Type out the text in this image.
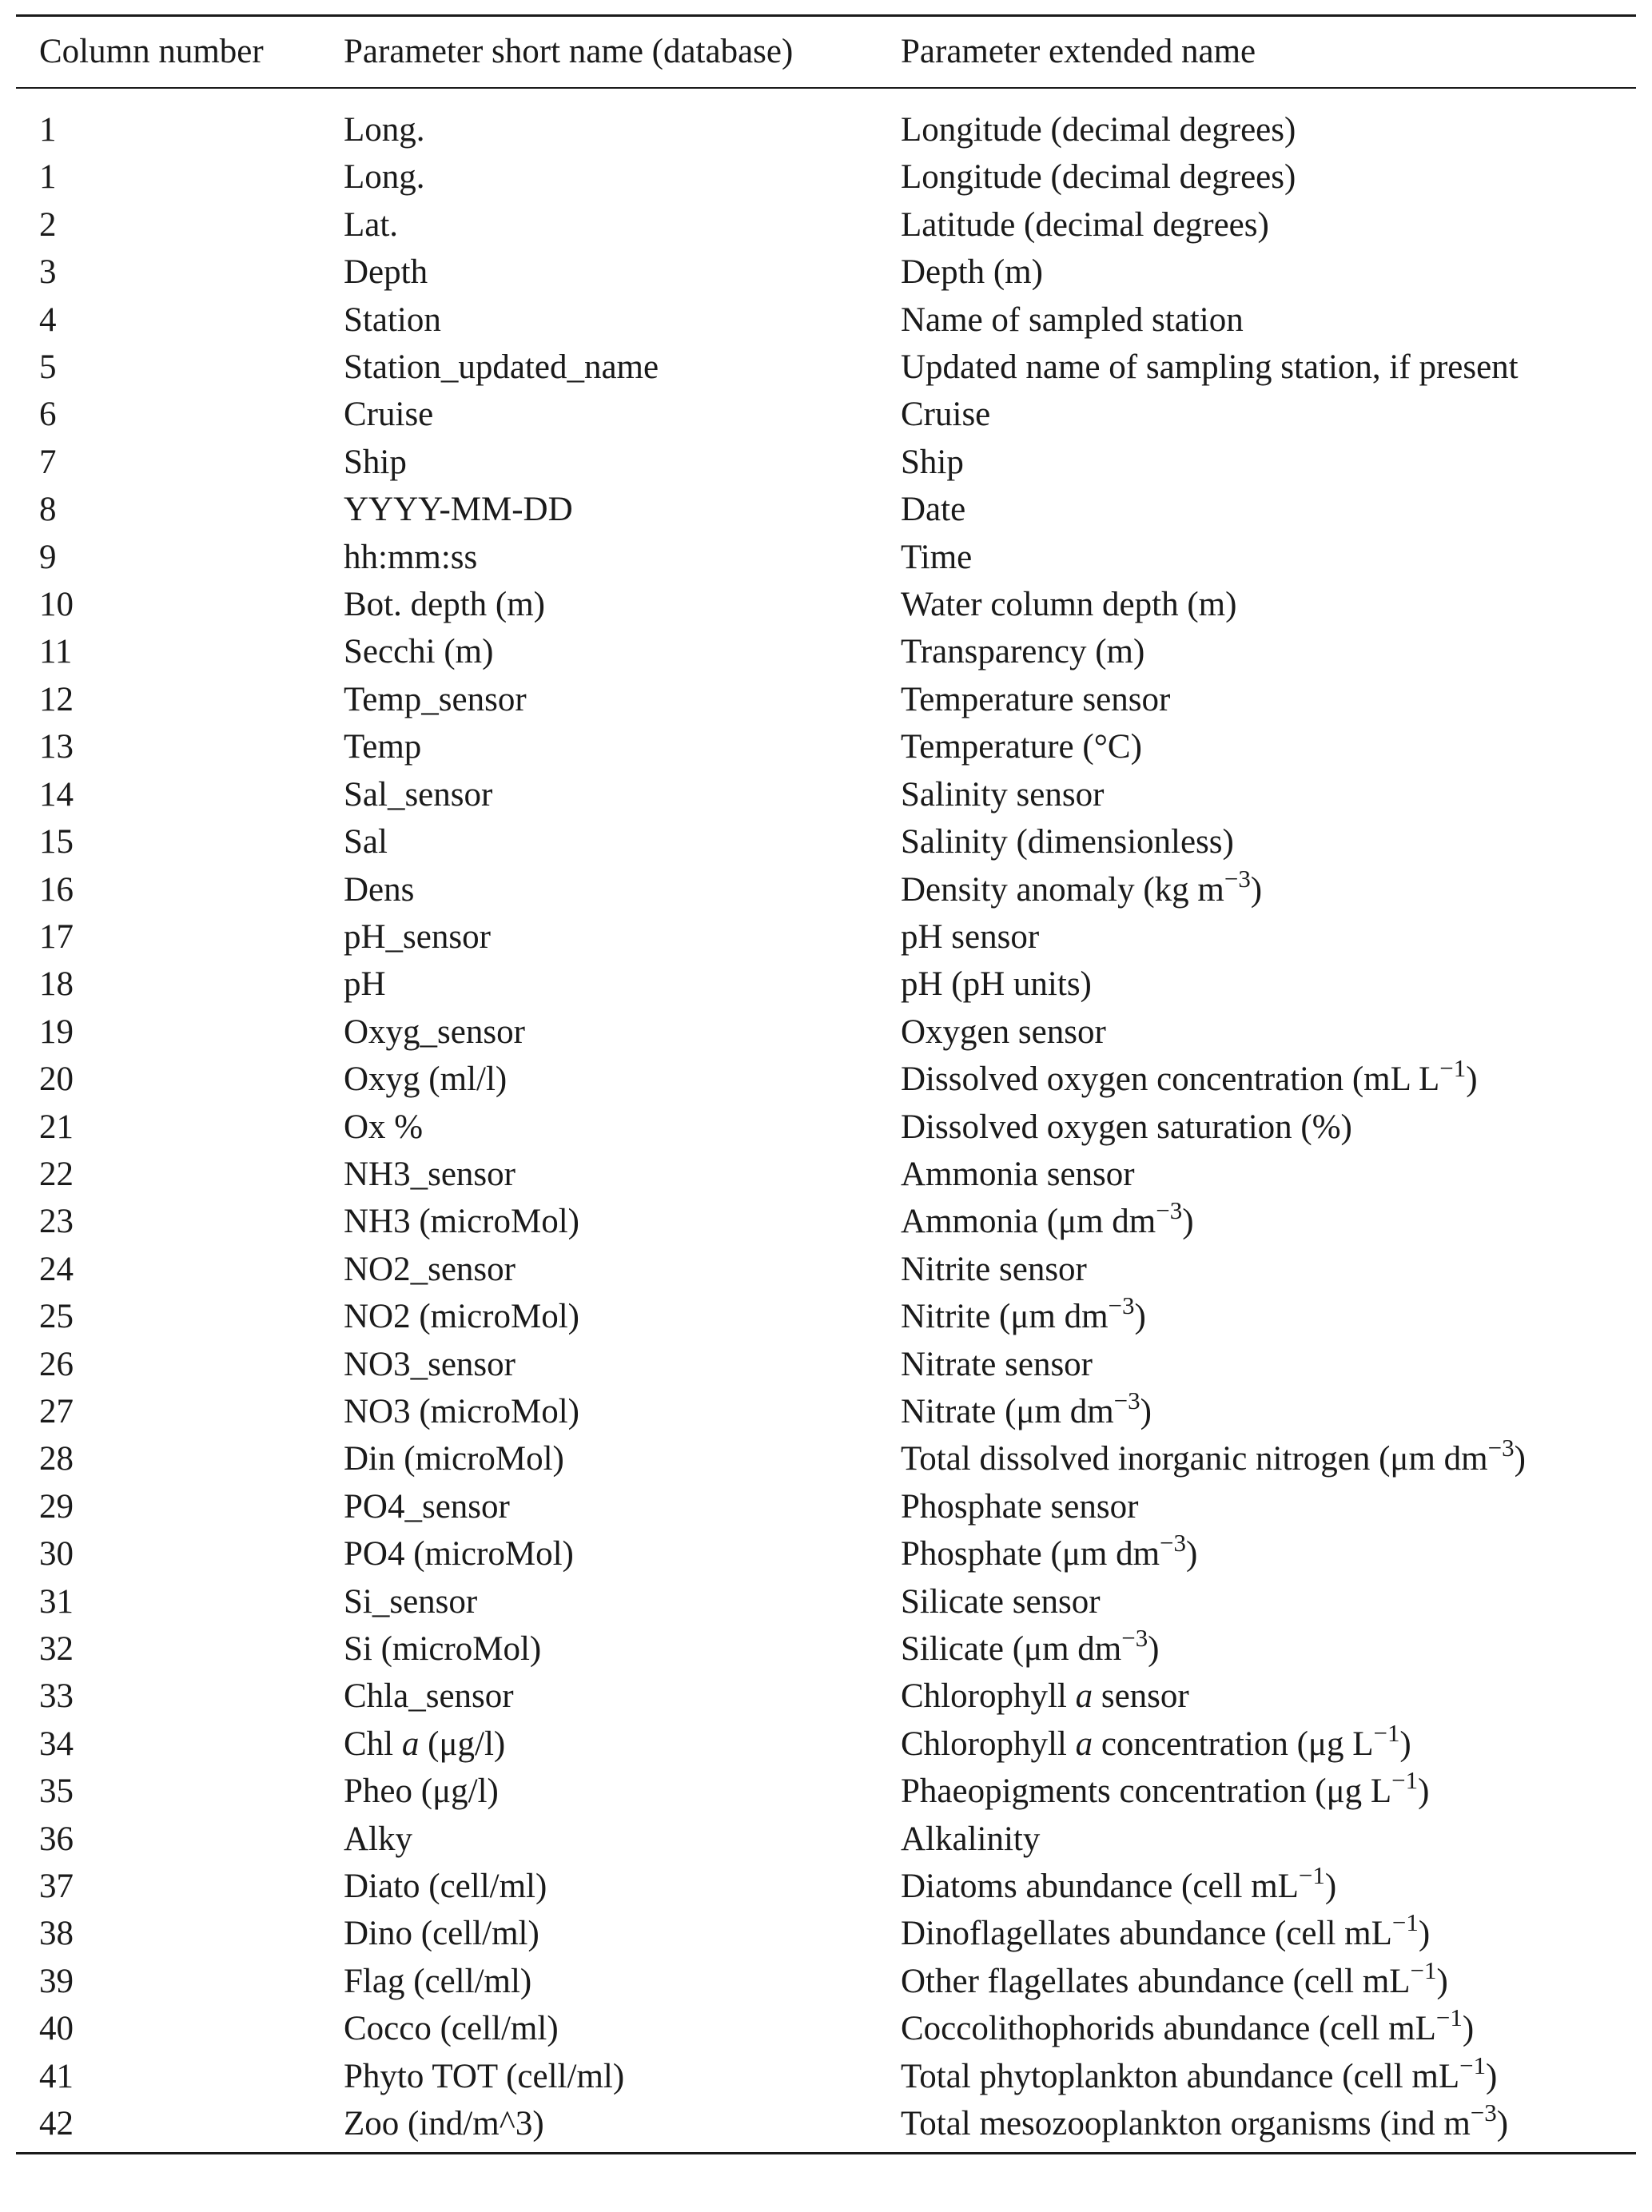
Column number	Parameter short name (database)	Parameter extended name

1	Long.	Longitude (decimal degrees)
1	Long.	Longitude (decimal degrees)
2	Lat.	Latitude (decimal degrees)
3	Depth	Depth (m)
4	Station	Name of sampled station
5	Station_updated_name	Updated name of sampling station, if present
6	Cruise	Cruise
7	Ship	Ship
8	YYYY-MM-DD	Date
9	hh:mm:ss	Time
10	Bot. depth (m)	Water column depth (m)
11	Secchi (m)	Transparency (m)
12	Temp_sensor	Temperature sensor
13	Temp	Temperature (°C)
14	Sal_sensor	Salinity sensor
15	Sal	Salinity (dimensionless)
16	Dens	Density anomaly (kg $m^{-3}$)
17	pH_sensor	pH sensor
18	pH	pH (pH units)
19	Oxyg_sensor	Oxygen sensor
20	Oxyg (ml/l)	Dissolved oxygen concentration (mL $L^{-1}$)
21	Ox %	Dissolved oxygen saturation (%)
22	NH3_sensor	Ammonia sensor
23	NH3 (microMol)	Ammonia (μm $dm^{-3}$)
24	NO2_sensor	Nitrite sensor
25	NO2 (microMol)	Nitrite (μm $dm^{-3}$)
26	NO3_sensor	Nitrate sensor
27	NO3 (microMol)	Nitrate (μm $dm^{-3}$)
28	Din (microMol)	Total dissolved inorganic nitrogen (μm $dm^{-3}$)
29	PO4_sensor	Phosphate sensor
30	PO4 (microMol)	Phosphate (μm $dm^{-3}$)
31	Si_sensor	Silicate sensor
32	Si (microMol)	Silicate (μm $dm^{-3}$)
33	Chla_sensor	Chlorophyll a sensor
34	Chl a (μg/l)	Chlorophyll a concentration (μg $L^{-1}$)
35	Pheo (μg/l)	Phaeopigments concentration (μg $L^{-1}$)
36	Alky	Alkalinity
37	Diato (cell/ml)	Diatoms abundance (cell $mL^{-1}$)
38	Dino (cell/ml)	Dinoflagellates abundance (cell $mL^{-1}$)
39	Flag (cell/ml)	Other flagellates abundance (cell $mL^{-1}$)
40	Cocco (cell/ml)	Coccolithophorids abundance (cell $mL^{-1}$)
41	Phyto TOT (cell/ml)	Total phytoplankton abundance (cell $mL^{-1}$)
42	Zoo (ind/m^3)	Total mesozooplankton organisms (ind $m^{-3}$)
